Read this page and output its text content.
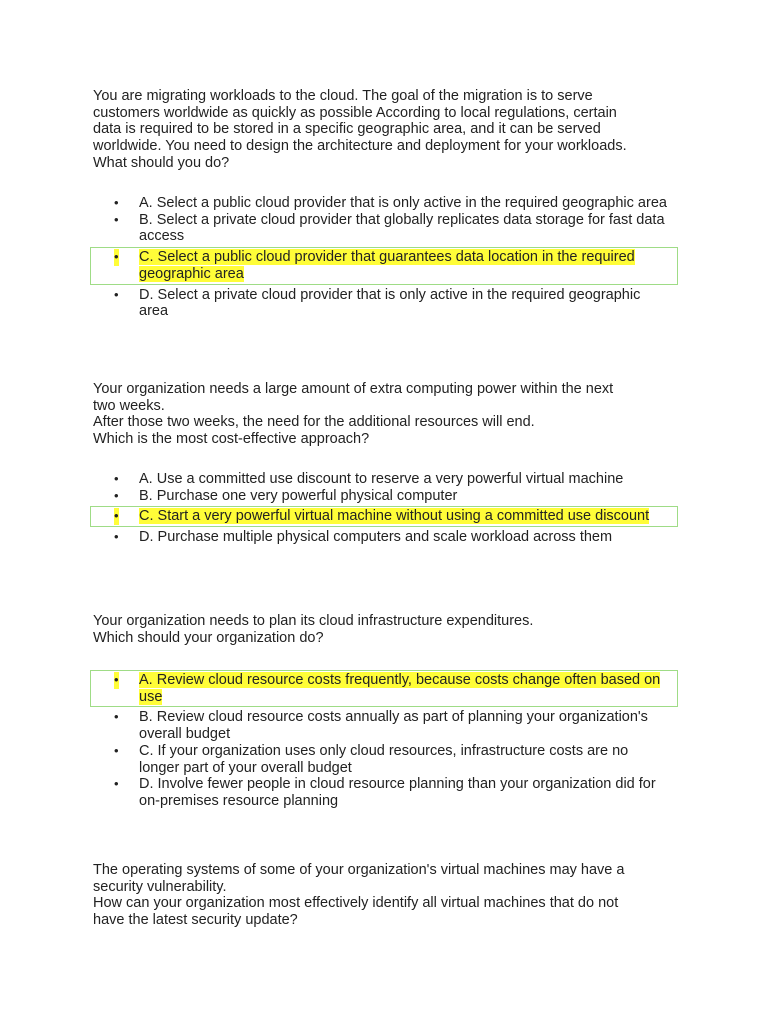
You are migrating workloads to the cloud. The goal of the migration is to serve
customers worldwide as quickly as possible According to local regulations, certain
data is required to be stored in a specific geographic area, and it can be served
worldwide. You need to design the architecture and deployment for your workloads.
What should you do?
• A. Select a public cloud provider that is only active in the required geographic area
• B. Select a private cloud provider that globally replicates data storage for fast data access
• C. Select a public cloud provider that guarantees data location in the required geographic area
• D. Select a private cloud provider that is only active in the required geographic area
Your organization needs a large amount of extra computing power within the next
two weeks.
After those two weeks, the need for the additional resources will end.
Which is the most cost-effective approach?
• A. Use a committed use discount to reserve a very powerful virtual machine
• B. Purchase one very powerful physical computer
• C. Start a very powerful virtual machine without using a committed use discount
• D. Purchase multiple physical computers and scale workload across them
Your organization needs to plan its cloud infrastructure expenditures.
Which should your organization do?
• A. Review cloud resource costs frequently, because costs change often based on use
• B. Review cloud resource costs annually as part of planning your organization's overall budget
• C. If your organization uses only cloud resources, infrastructure costs are no longer part of your overall budget
• D. Involve fewer people in cloud resource planning than your organization did for on-premises resource planning
The operating systems of some of your organization's virtual machines may have a
security vulnerability.
How can your organization most effectively identify all virtual machines that do not
have the latest security update?
